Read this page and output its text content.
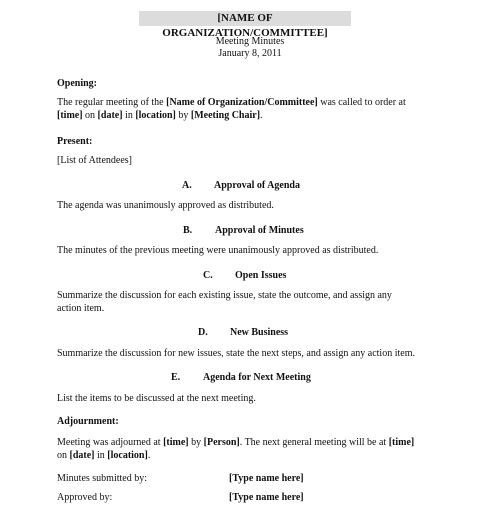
[NAME OF ORGANIZATION/COMMITTEE]
Meeting Minutes
January 8, 2011
Opening:
The regular meeting of the [Name of Organization/Committee] was called to order at
[time] on [date] in [location] by [Meeting Chair].
Present:
[List of Attendees]
A. Approval of Agenda
The agenda was unanimously approved as distributed.
B. Approval of Minutes
The minutes of the previous meeting were unanimously approved as distributed.
C. Open Issues
Summarize the discussion for each existing issue, state the outcome, and assign any
action item.
D. New Business
Summarize the discussion for new issues, state the next steps, and assign any action item.
E. Agenda for Next Meeting
List the items to be discussed at the next meeting.
Adjournment:
Meeting was adjourned at [time] by [Person]. The next general meeting will be at [time]
on [date] in [location].
Minutes submitted by:	[Type name here]
Approved by:	[Type name here]
